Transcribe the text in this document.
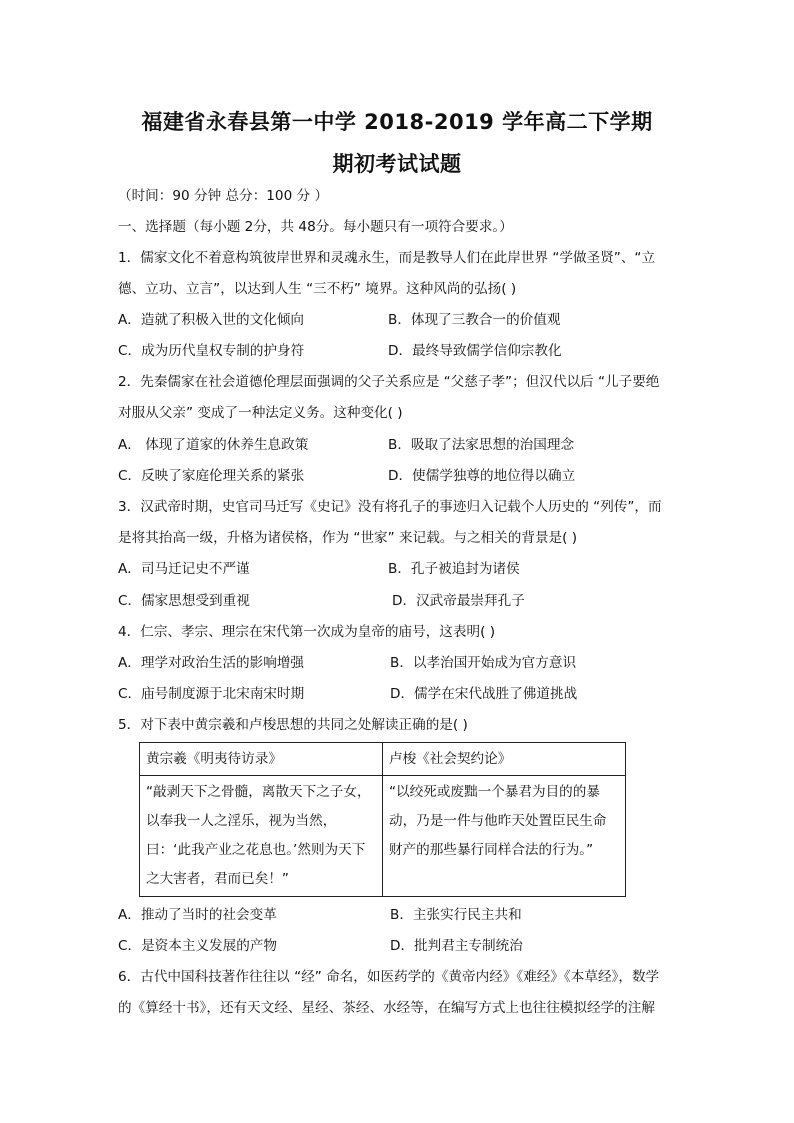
福建省永春县第一中学 2018-2019 学年高二下学期
期初考试试题
（时间：90 分钟 总分：100 分 ）
一、选择题（每小题 2分，共 48分。每小题只有一项符合要求。）
1．儒家文化不着意构筑彼岸世界和灵魂永生，而是教导人们在此岸世界 “学做圣贤”、“立
德、立功、立言”，以达到人生 “三不朽” 境界。这种风尚的弘扬( )
A．造就了积极入世的文化倾向	B．体现了三教合一的价值观
C．成为历代皇权专制的护身符	D．最终导致儒学信仰宗教化
2．先秦儒家在社会道德伦理层面强调的父子关系应是 “父慈子孝”；但汉代以后 “儿子要绝
对服从父亲” 变成了一种法定义务。这种变化( )
A． 体现了道家的休养生息政策	B．吸取了法家思想的治国理念
C．反映了家庭伦理关系的紧张	D．使儒学独尊的地位得以确立
3．汉武帝时期，史官司马迁写《史记》没有将孔子的事迹归入记载个人历史的 “列传”，而
是将其抬高一级，升格为诸侯格，作为 “世家” 来记载。与之相关的背景是( )
A．司马迁记史不严谨	B．孔子被追封为诸侯
C．儒家思想受到重视	D．汉武帝最崇拜孔子
4．仁宗、孝宗、理宗在宋代第一次成为皇帝的庙号，这表明( )
A．理学对政治生活的影响增强	B．以孝治国开始成为官方意识
C．庙号制度源于北宋南宋时期	D．儒学在宋代战胜了佛道挑战
5．对下表中黄宗羲和卢梭思想的共同之处解读正确的是( )
黄宗羲《明夷待访录》	卢梭《社会契约论》

“敲剥天下之骨髓，离散天下之子女，以奉我一人之淫乐，视为当然，曰：‘此我产业之花息也。’然则为天下之大害者，君而已矣！”	“以绞死或废黜一个暴君为目的的暴动，乃是一件与他昨天处置臣民生命财产的那些暴行同样合法的行为。”
A．推动了当时的社会变革	B．主张实行民主共和
C．是资本主义发展的产物	D．批判君主专制统治
6．古代中国科技著作往往以 “经” 命名，如医药学的《黄帝内经》《难经》《本草经》，数学
的《算经十书》，还有天文经、星经、茶经、水经等，在编写方式上也往往模拟经学的注解
